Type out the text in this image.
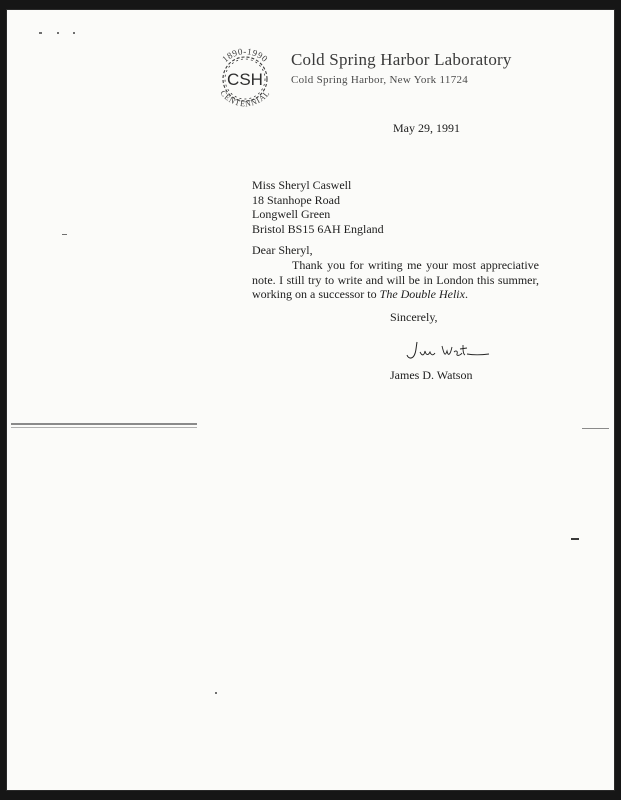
1890-1990
CSH
CENTENNIAL
Cold Spring Harbor Laboratory
Cold Spring Harbor, New York 11724
May 29, 1991
Miss Sheryl Caswell
18 Stanhope Road
Longwell Green
Bristol BS15 6AH England
Dear Sheryl,
Thank you for writing me your most appreciative note. I still try to write and will be in London this summer, working on a successor to The Double Helix.
Sincerely,
James D. Watson
